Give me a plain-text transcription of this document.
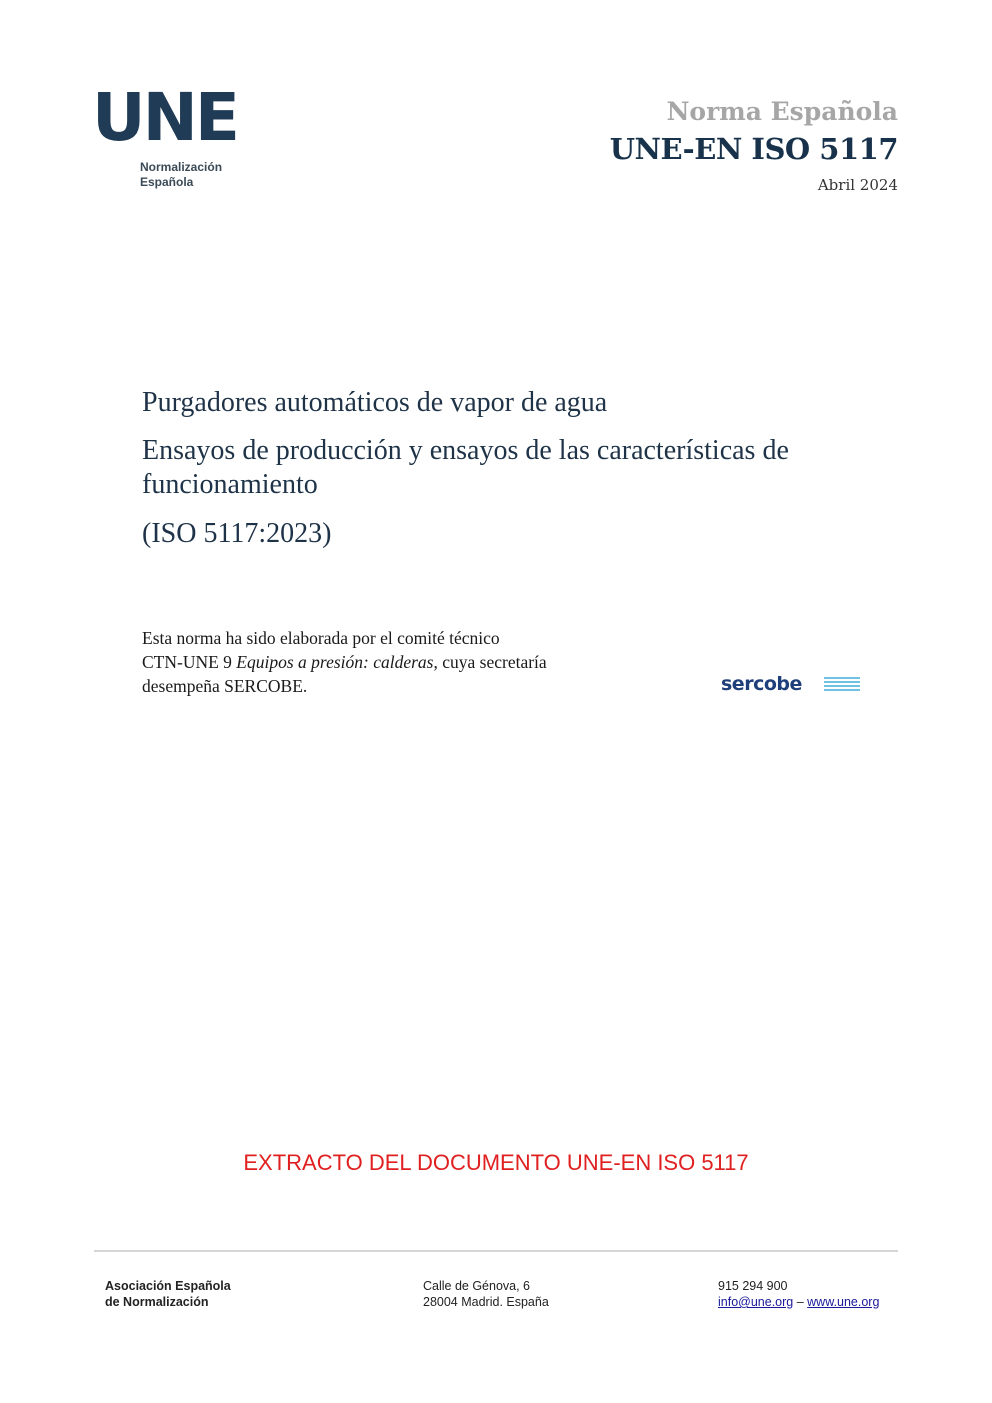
UNE
Normalización
Española
Norma Española
UNE-EN ISO 5117
Abril 2024
Purgadores automáticos de vapor de agua
Ensayos de producción y ensayos de las características de funcionamiento
(ISO 5117:2023)
Esta norma ha sido elaborada por el comité técnico
CTN-UNE 9 Equipos a presión: calderas, cuya secretaría
desempeña SERCOBE.	sercobe
EXTRACTO DEL DOCUMENTO UNE-EN ISO 5117
Asociación Española
de Normalización
Calle de Génova, 6
28004 Madrid. España
915 294 900
info@une.org – www.une.org
